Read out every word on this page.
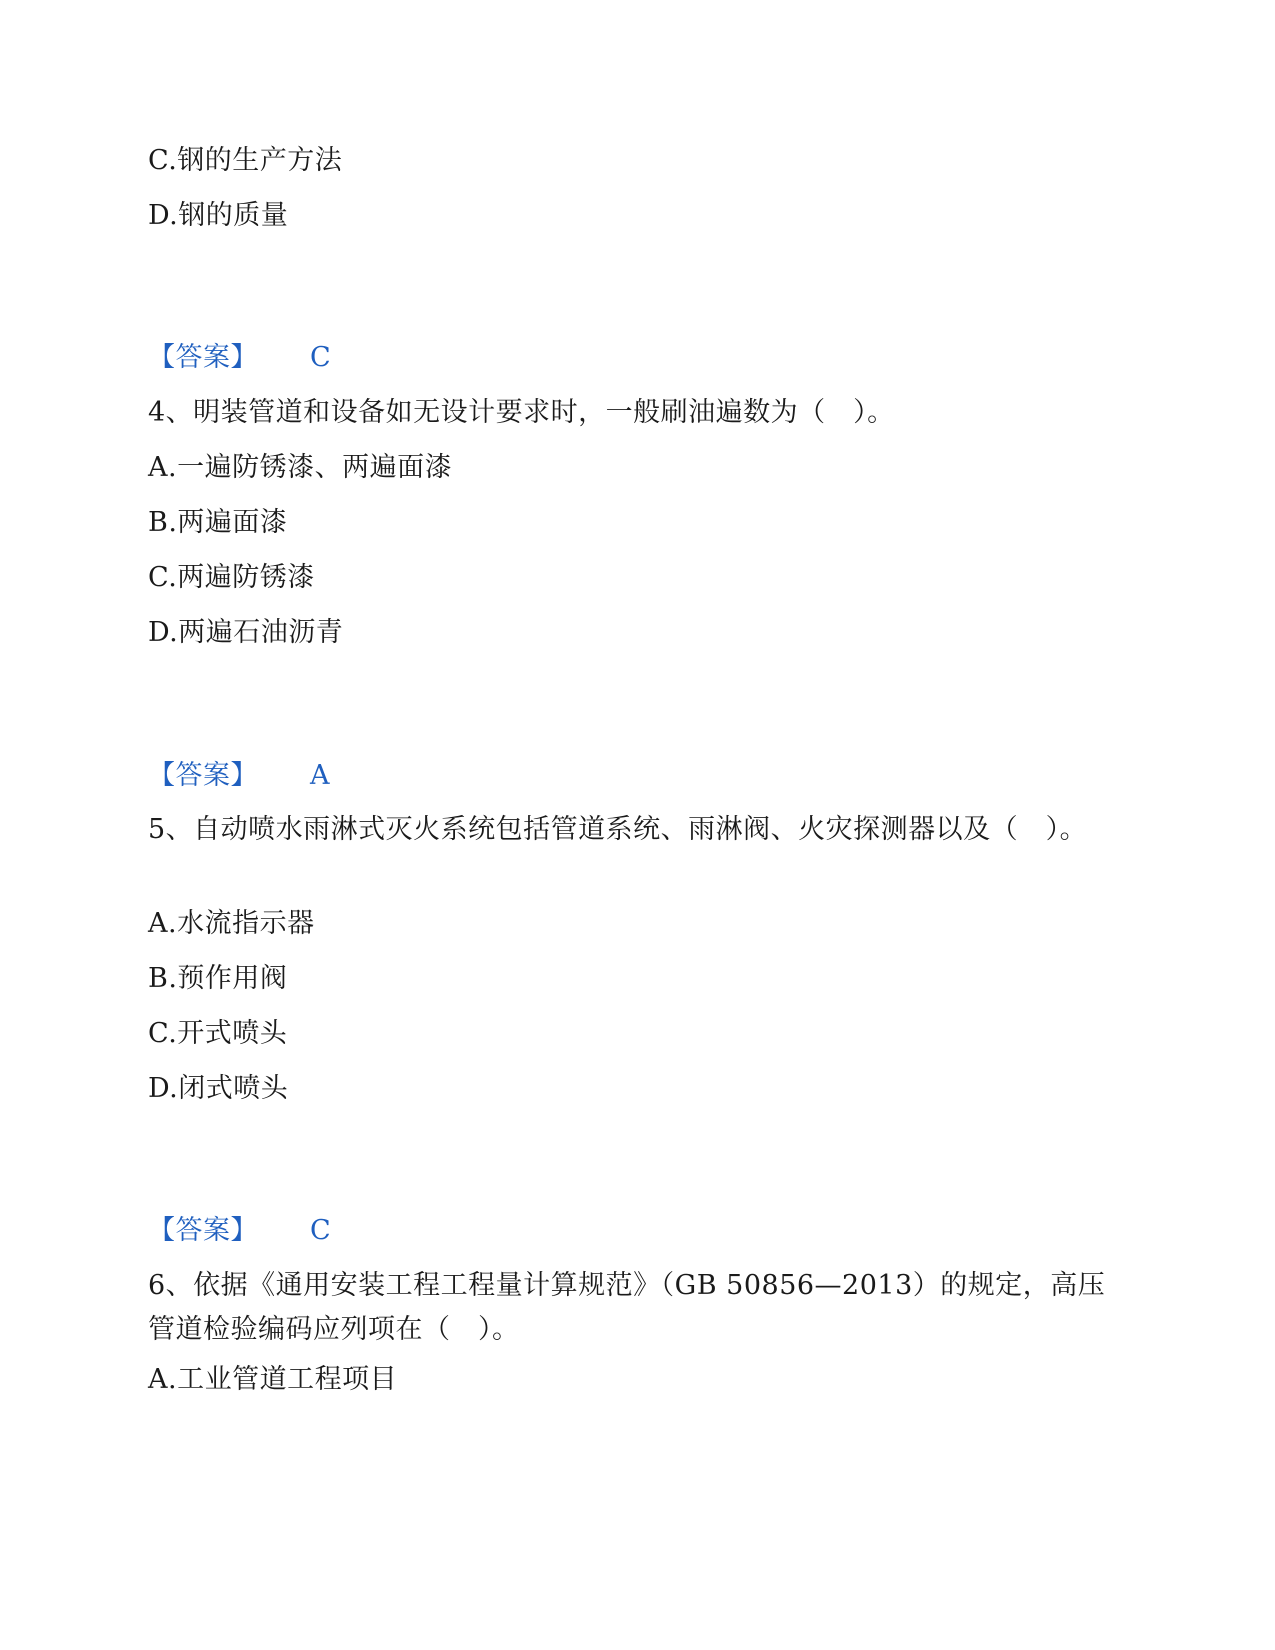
C.钢的生产方法
D.钢的质量
【答案】 C
4、明装管道和设备如无设计要求时，一般刷油遍数为（　）。
A.一遍防锈漆、两遍面漆
B.两遍面漆
C.两遍防锈漆
D.两遍石油沥青
【答案】 A
5、自动喷水雨淋式灭火系统包括管道系统、雨淋阀、火灾探测器以及（　）。
A.水流指示器
B.预作用阀
C.开式喷头
D.闭式喷头
【答案】 C
6、依据《通用安装工程工程量计算规范》（GB 50856—2013）的规定，高压管道检验编码应列项在（　）。
A.工业管道工程项目
